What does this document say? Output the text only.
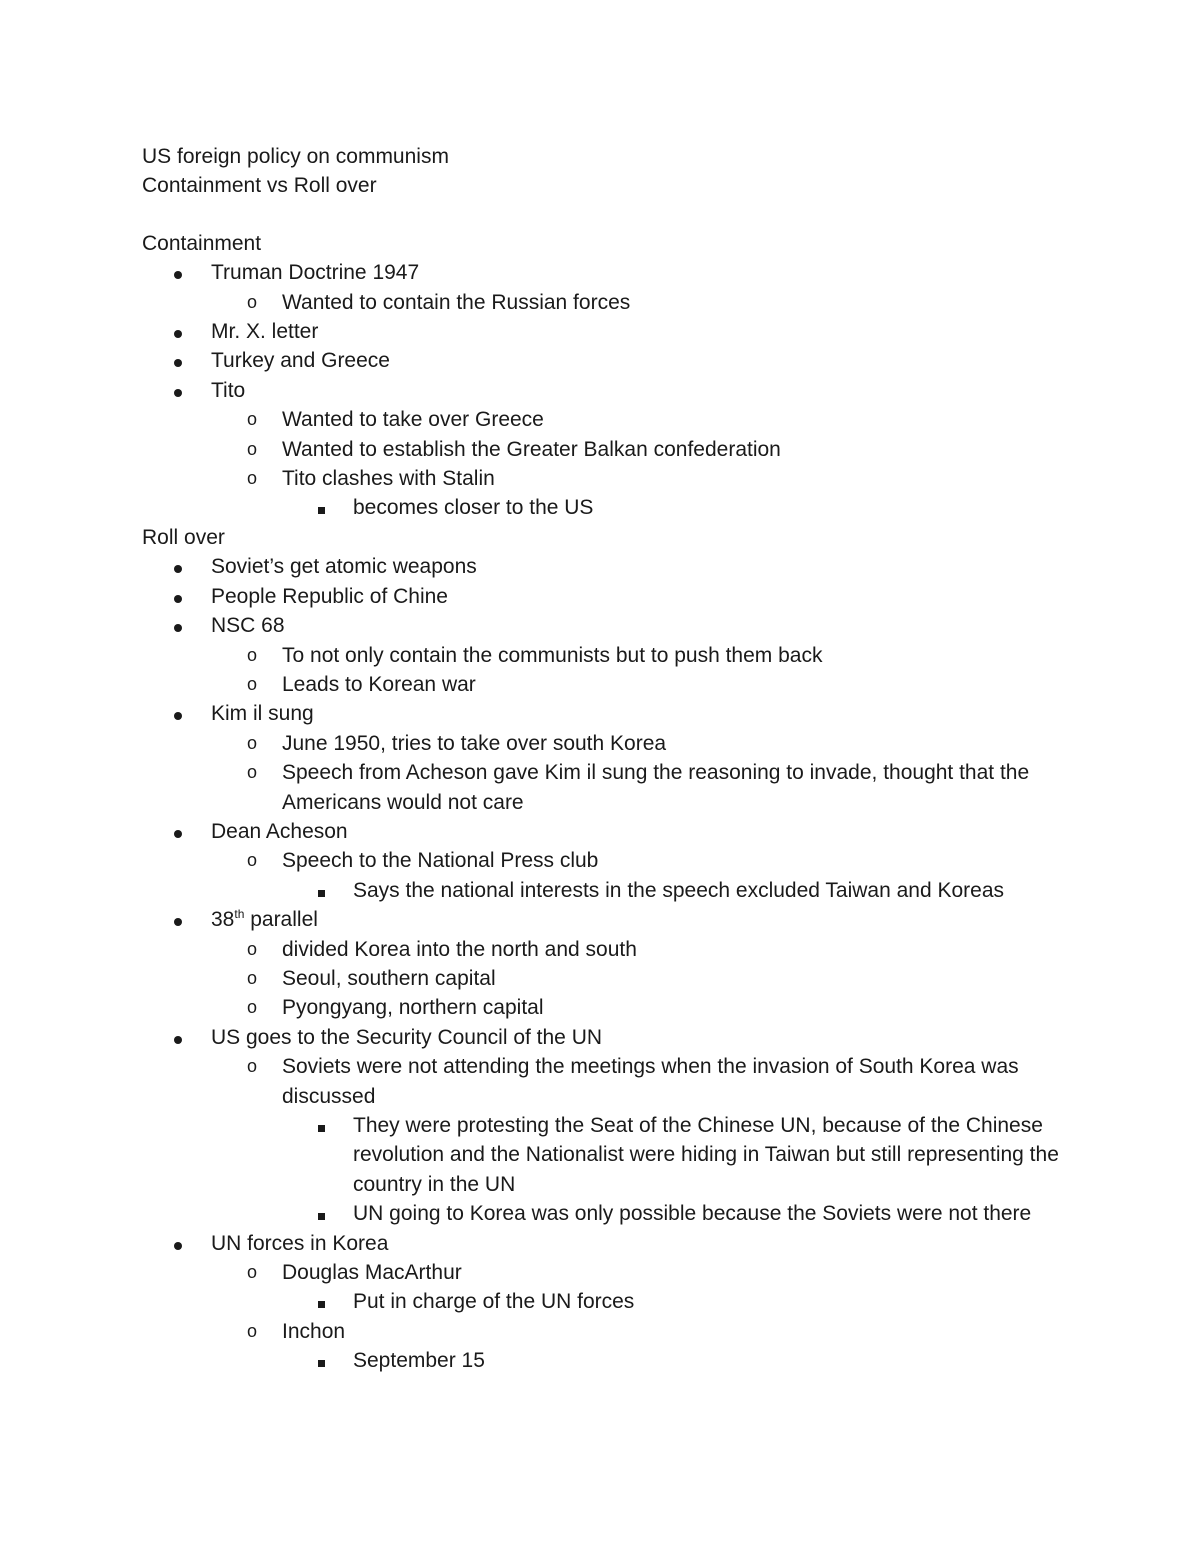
US foreign policy on communism
Containment vs Roll over
Containment
Truman Doctrine 1947
o Wanted to contain the Russian forces
Mr. X. letter
Turkey and Greece
Tito
o Wanted to take over Greece
o Wanted to establish the Greater Balkan confederation
o Tito clashes with Stalin
becomes closer to the US
Roll over
Soviet’s get atomic weapons
People Republic of Chine
NSC 68
o To not only contain the communists but to push them back
o Leads to Korean war
Kim il sung
o June 1950, tries to take over south Korea
o Speech from Acheson gave Kim il sung the reasoning to invade, thought that the Americans would not care
Dean Acheson
o Speech to the National Press club
Says the national interests in the speech excluded Taiwan and Koreas
38th parallel
o divided Korea into the north and south
o Seoul, southern capital
o Pyongyang, northern capital
US goes to the Security Council of the UN
o Soviets were not attending the meetings when the invasion of South Korea was discussed
They were protesting the Seat of the Chinese UN, because of the Chinese revolution and the Nationalist were hiding in Taiwan but still representing the country in the UN
UN going to Korea was only possible because the Soviets were not there
UN forces in Korea
o Douglas MacArthur
Put in charge of the UN forces
o Inchon
September 15
